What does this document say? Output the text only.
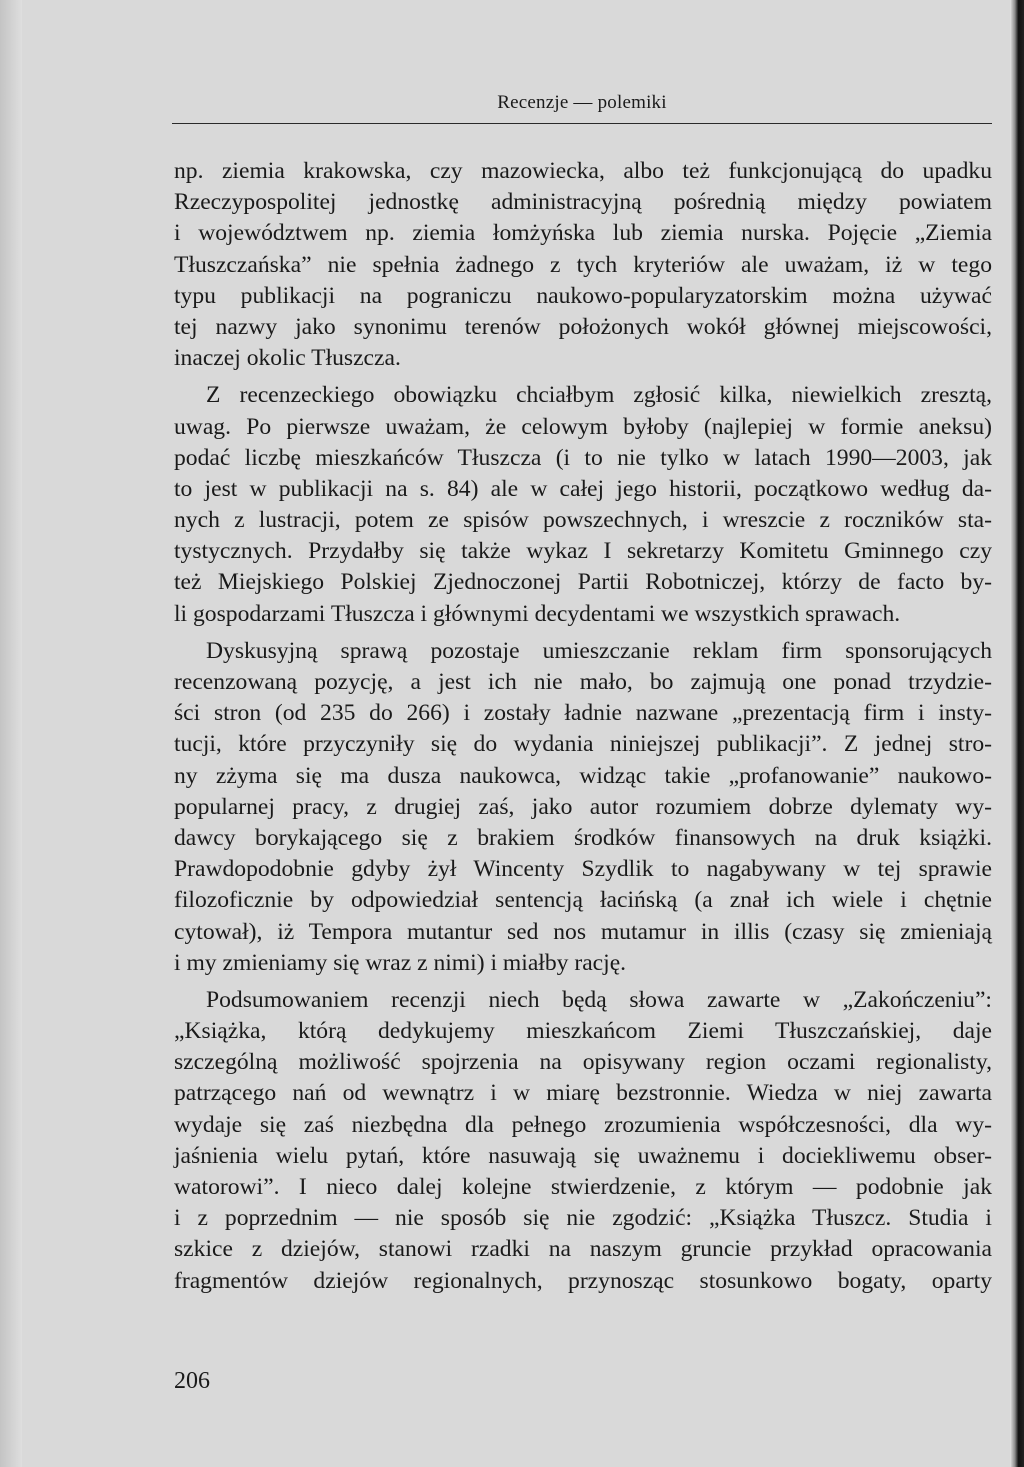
Recenzje — polemiki
np. ziemia krakowska, czy mazowiecka, albo też funkcjonującą do upadku
Rzeczypospolitej jednostkę administracyjną pośrednią między powiatem
i województwem np. ziemia łomżyńska lub ziemia nurska. Pojęcie „Ziemia
Tłuszczańska” nie spełnia żadnego z tych kryteriów ale uważam, iż w tego
typu publikacji na pograniczu naukowo-popularyzatorskim można używać
tej nazwy jako synonimu terenów położonych wokół głównej miejscowości,
inaczej okolic Tłuszcza.
Z recenzeckiego obowiązku chciałbym zgłosić kilka, niewielkich zresztą,
uwag. Po pierwsze uważam, że celowym byłoby (najlepiej w formie aneksu)
podać liczbę mieszkańców Tłuszcza (i to nie tylko w latach 1990—2003, jak
to jest w publikacji na s. 84) ale w całej jego historii, początkowo według da-
nych z lustracji, potem ze spisów powszechnych, i wreszcie z roczników sta-
tystycznych. Przydałby się także wykaz I sekretarzy Komitetu Gminnego czy
też Miejskiego Polskiej Zjednoczonej Partii Robotniczej, którzy de facto by-
li gospodarzami Tłuszcza i głównymi decydentami we wszystkich sprawach.
Dyskusyjną sprawą pozostaje umieszczanie reklam firm sponsorujących
recenzowaną pozycję, a jest ich nie mało, bo zajmują one ponad trzydzie-
ści stron (od 235 do 266) i zostały ładnie nazwane „prezentacją firm i insty-
tucji, które przyczyniły się do wydania niniejszej publikacji”. Z jednej stro-
ny zżyma się ma dusza naukowca, widząc takie „profanowanie” naukowo-
popularnej pracy, z drugiej zaś, jako autor rozumiem dobrze dylematy wy-
dawcy borykającego się z brakiem środków finansowych na druk książki.
Prawdopodobnie gdyby żył Wincenty Szydlik to nagabywany w tej sprawie
filozoficznie by odpowiedział sentencją łacińską (a znał ich wiele i chętnie
cytował), iż Tempora mutantur sed nos mutamur in illis (czasy się zmieniają
i my zmieniamy się wraz z nimi) i miałby rację.
Podsumowaniem recenzji niech będą słowa zawarte w „Zakończeniu”:
„Książka, którą dedykujemy mieszkańcom Ziemi Tłuszczańskiej, daje
szczególną możliwość spojrzenia na opisywany region oczami regionalisty,
patrzącego nań od wewnątrz i w miarę bezstronnie. Wiedza w niej zawarta
wydaje się zaś niezbędna dla pełnego zrozumienia współczesności, dla wy-
jaśnienia wielu pytań, które nasuwają się uważnemu i dociekliwemu obser-
watorowi”. I nieco dalej kolejne stwierdzenie, z którym — podobnie jak
i z poprzednim — nie sposób się nie zgodzić: „Książka Tłuszcz. Studia i
szkice z dziejów, stanowi rzadki na naszym gruncie przykład opracowania
fragmentów dziejów regionalnych, przynosząc stosunkowo bogaty, oparty
206
